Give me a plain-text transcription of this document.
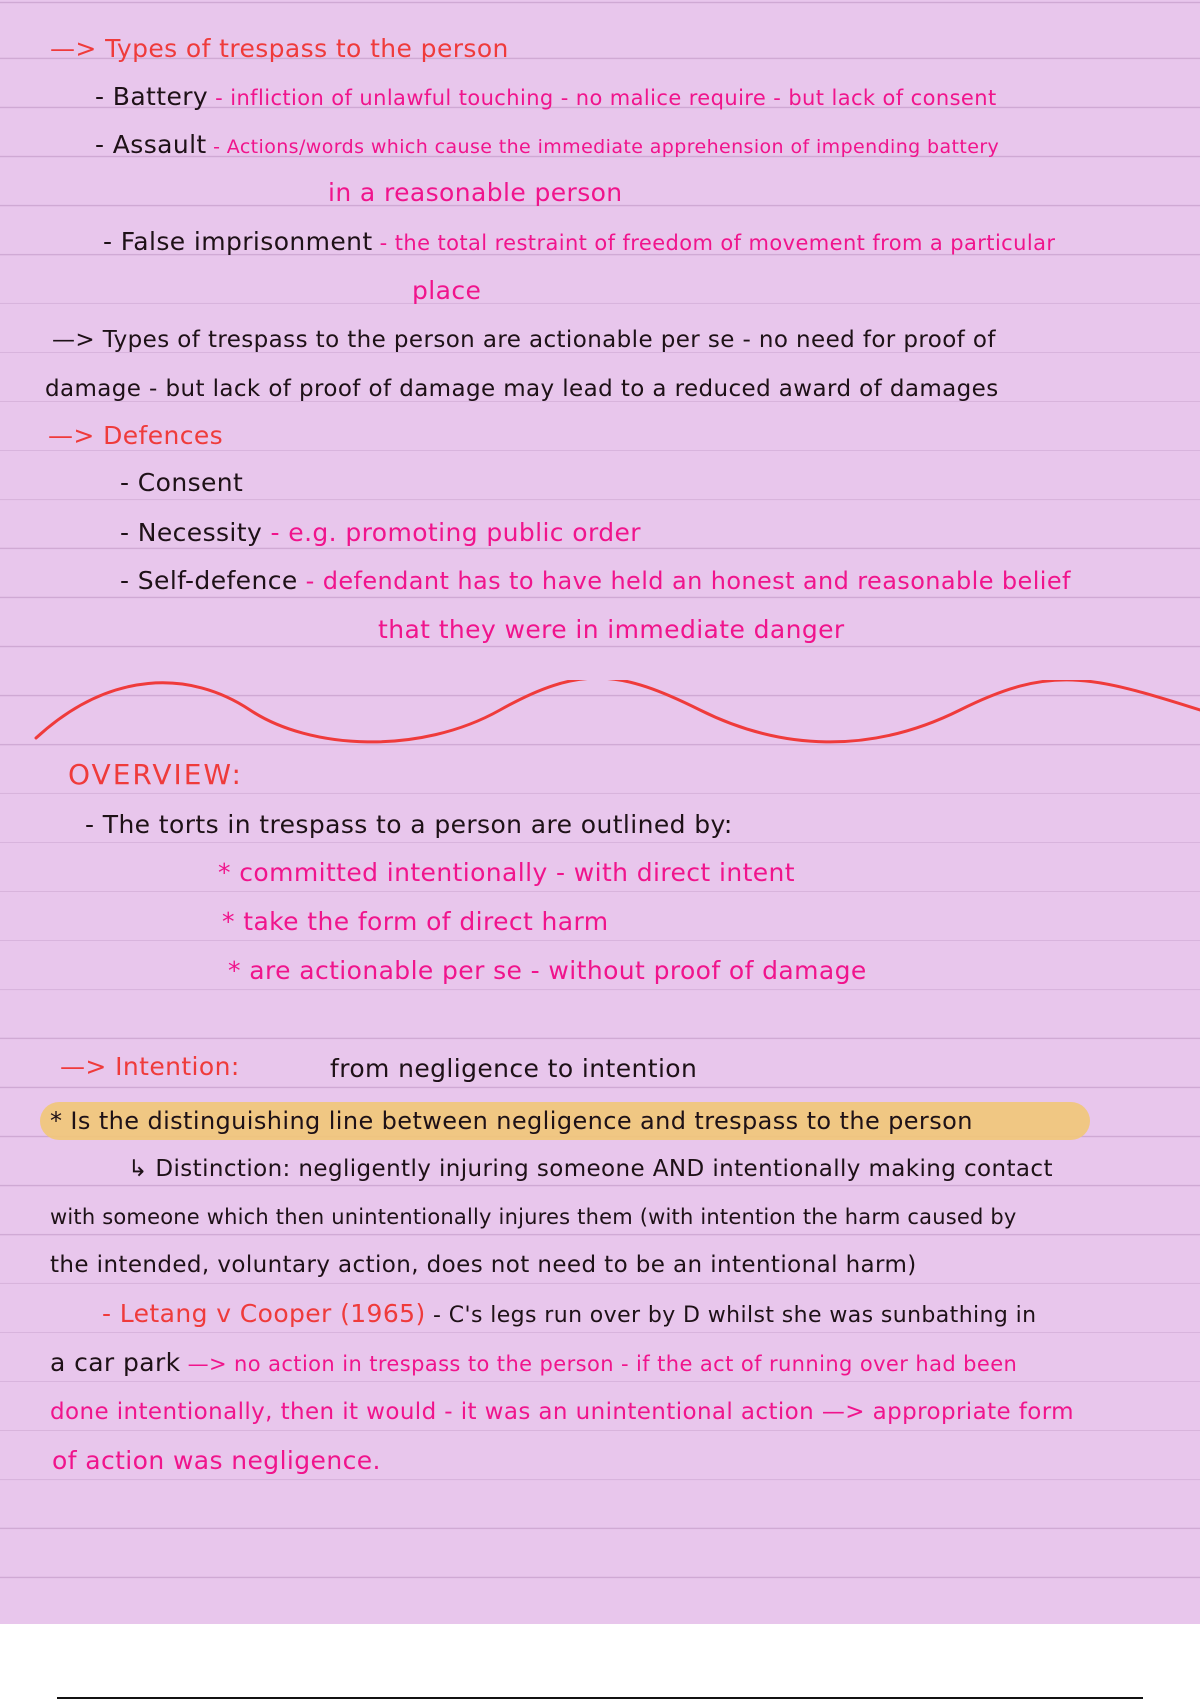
—> Types of trespass to the person
- Battery - infliction of unlawful touching - no malice require - but lack of consent
- Assault - Actions/words which cause the immediate apprehension of impending battery
in a reasonable person
- False imprisonment - the total restraint of freedom of movement from a particular
place
—> Types of trespass to the person are actionable per se - no need for proof of
damage - but lack of proof of damage may lead to a reduced award of damages
—> Defences
- Consent
- Necessity - e.g. promoting public order
- Self-defence - defendant has to have held an honest and reasonable belief
that they were in immediate danger
OVERVIEW:
- The torts in trespass to a person are outlined by:
* committed intentionally - with direct intent
* take the form of direct harm
* are actionable per se - without proof of damage
—> Intention:	from negligence to intention
* Is the distinguishing line between negligence and trespass to the person
↳ Distinction: negligently injuring someone AND intentionally making contact
with someone which then unintentionally injures them (with intention the harm caused by
the intended, voluntary action, does not need to be an intentional harm)
- Letang v Cooper (1965) - C's legs run over by D whilst she was sunbathing in
a car park —> no action in trespass to the person - if the act of running over had been
done intentionally, then it would - it was an unintentional action —> appropriate form
of action was negligence.
